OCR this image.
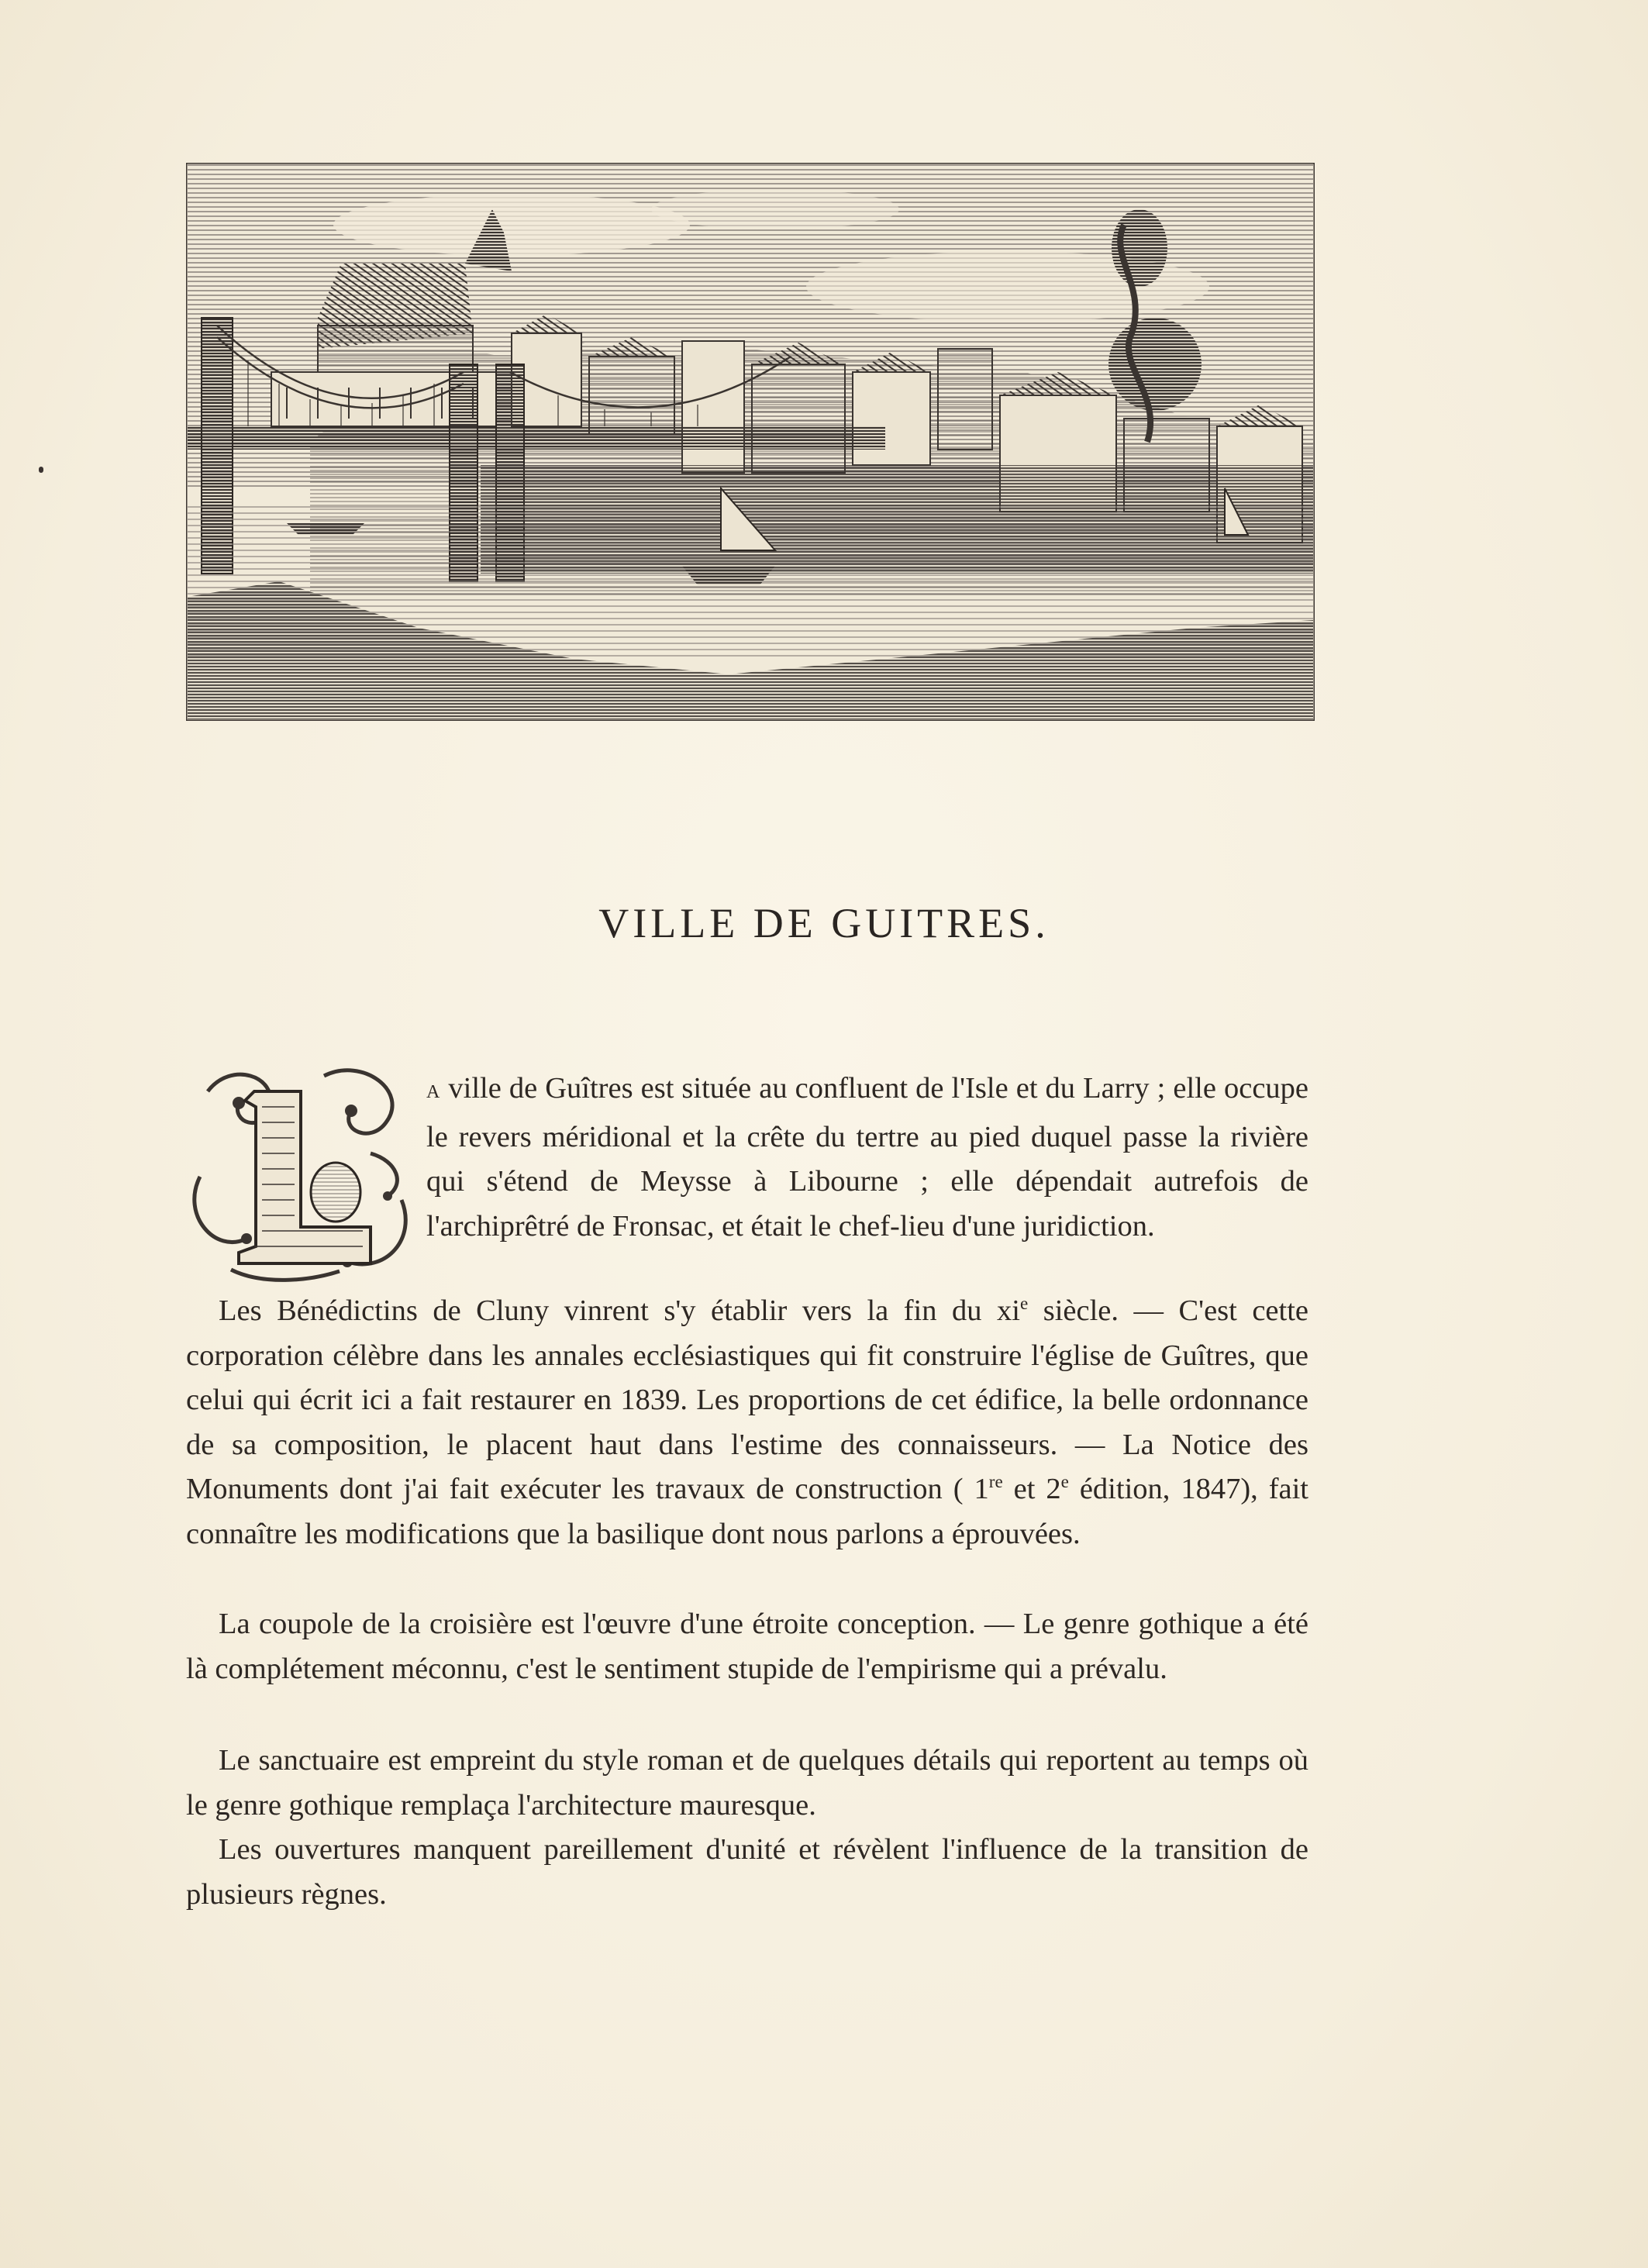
VILLE DE GUITRES.

A ville de Guîtres est située au confluent de l'Isle et du Larry ; elle occupe le revers méridional et la crête du tertre au pied duquel passe la rivière qui s'étend de Meysse à Libourne ; elle dépendait autrefois de l'archiprêtré de Fronsac, et était le chef-lieu d'une juridiction.

Les Bénédictins de Cluny vinrent s'y établir vers la fin du $xi^e$ siècle. — C'est cette corporation célèbre dans les annales ecclésiastiques qui fit construire l'église de Guîtres, que celui qui écrit ici a fait restaurer en 1839. Les proportions de cet édifice, la belle ordonnance de sa composition, le placent haut dans l'estime des connaisseurs. — La Notice des Monuments dont j'ai fait exécuter les travaux de construction ( 1re et 2e édition, 1847), fait connaître les modifications que la basilique dont nous parlons a éprouvées.

La coupole de la croisière est l'œuvre d'une étroite conception. — Le genre gothique a été là complétement méconnu, c'est le sentiment stupide de l'empirisme qui a prévalu.

Le sanctuaire est empreint du style roman et de quelques détails qui reportent au temps où le genre gothique remplaça l'architecture mauresque.

Les ouvertures manquent pareillement d'unité et révèlent l'influence de la transition de plusieurs règnes.
